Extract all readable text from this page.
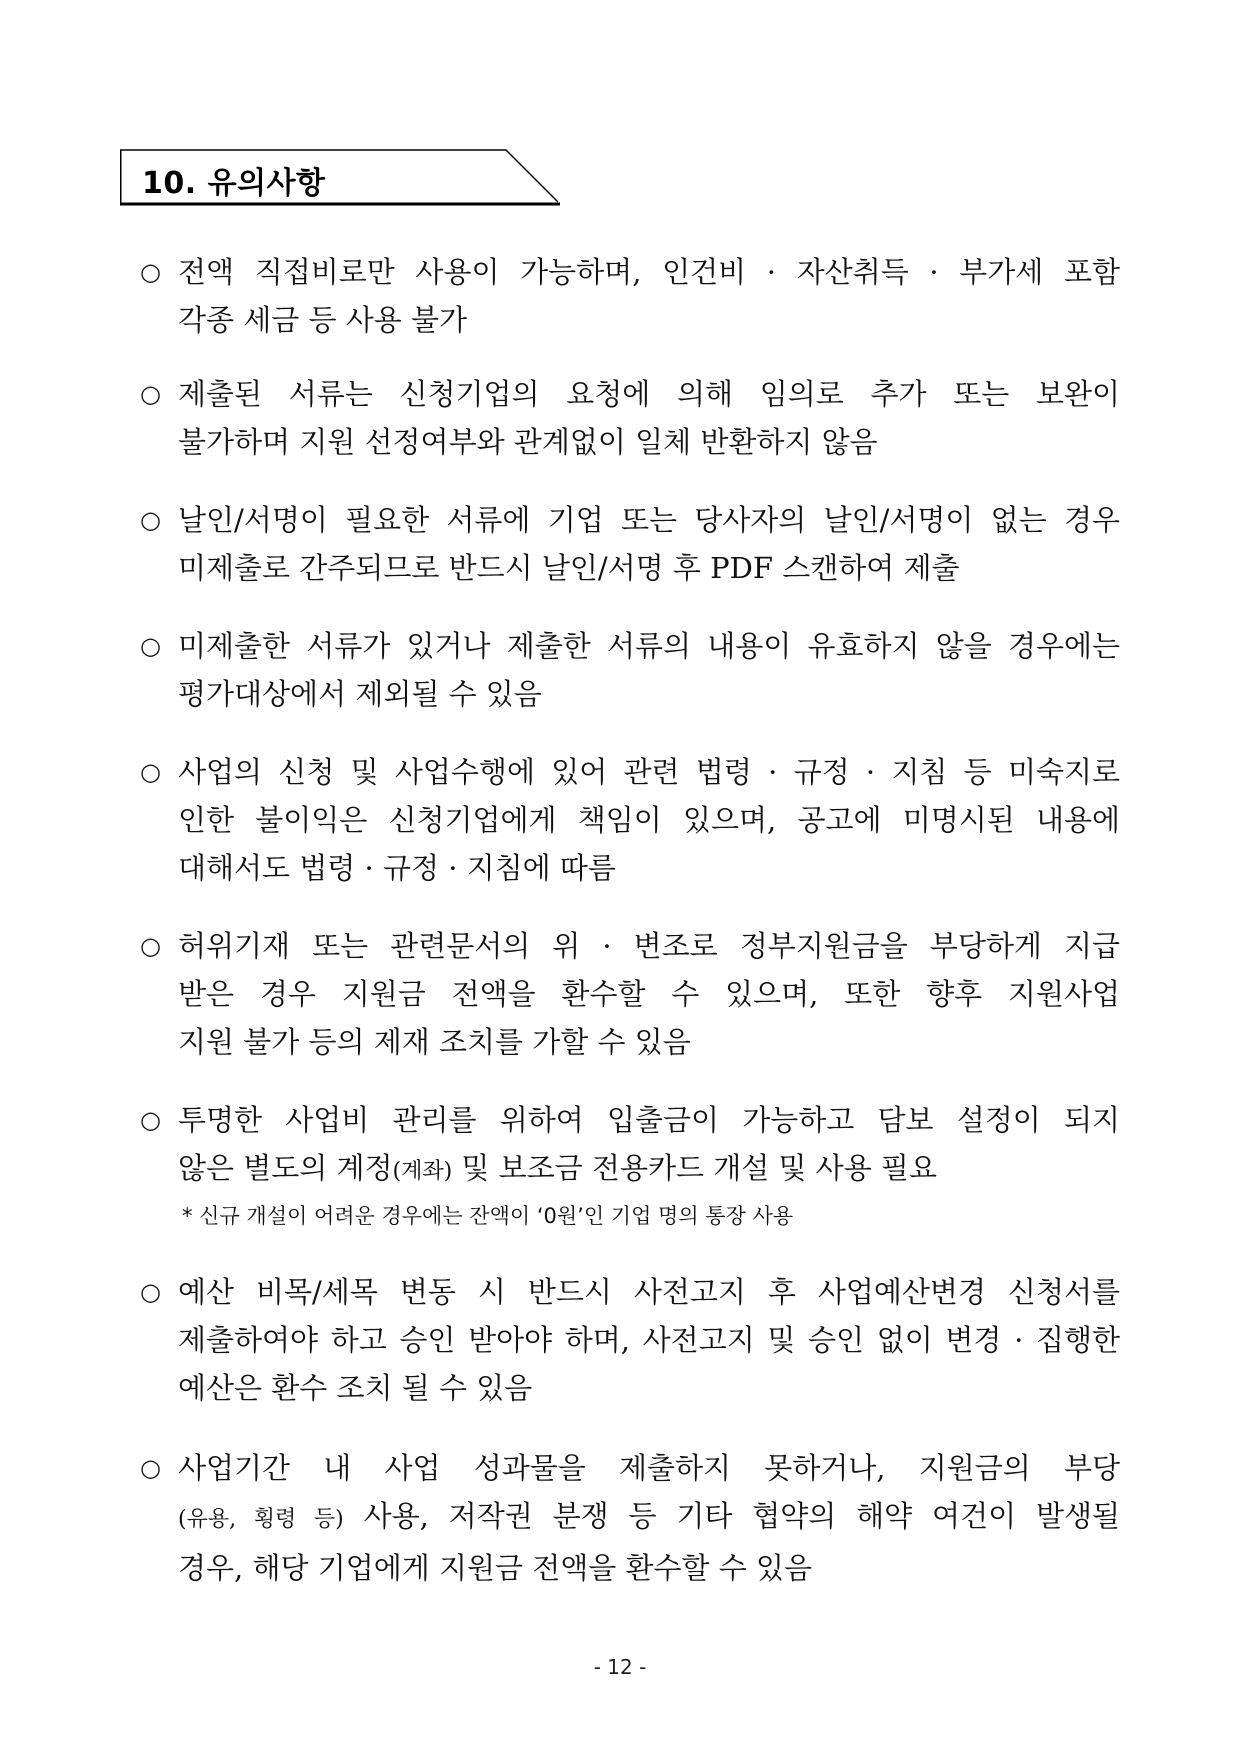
10. 유의사항
○ 전액 직접비로만 사용이 가능하며, 인건비 · 자산취득 · 부가세 포함
각종 세금 등 사용 불가
○ 제출된 서류는 신청기업의 요청에 의해 임의로 추가 또는 보완이
불가하며 지원 선정여부와 관계없이 일체 반환하지 않음
○ 날인/서명이 필요한 서류에 기업 또는 당사자의 날인/서명이 없는 경우
미제출로 간주되므로 반드시 날인/서명 후 PDF 스캔하여 제출
○ 미제출한 서류가 있거나 제출한 서류의 내용이 유효하지 않을 경우에는
평가대상에서 제외될 수 있음
○ 사업의 신청 및 사업수행에 있어 관련 법령 · 규정 · 지침 등 미숙지로
인한 불이익은 신청기업에게 책임이 있으며, 공고에 미명시된 내용에
대해서도 법령 · 규정 · 지침에 따름
○ 허위기재 또는 관련문서의 위 · 변조로 정부지원금을 부당하게 지급
받은 경우 지원금 전액을 환수할 수 있으며, 또한 향후 지원사업
지원 불가 등의 제재 조치를 가할 수 있음
○ 투명한 사업비 관리를 위하여 입출금이 가능하고 담보 설정이 되지
않은 별도의 계정(계좌) 및 보조금 전용카드 개설 및 사용 필요
* 신규 개설이 어려운 경우에는 잔액이 ‘0원’인 기업 명의 통장 사용
○ 예산 비목/세목 변동 시 반드시 사전고지 후 사업예산변경 신청서를
제출하여야 하고 승인 받아야 하며, 사전고지 및 승인 없이 변경 · 집행한
예산은 환수 조치 될 수 있음
○ 사업기간 내 사업 성과물을 제출하지 못하거나, 지원금의 부당
(유용, 횡령 등) 사용, 저작권 분쟁 등 기타 협약의 해약 여건이 발생될
경우, 해당 기업에게 지원금 전액을 환수할 수 있음
- 12 -
